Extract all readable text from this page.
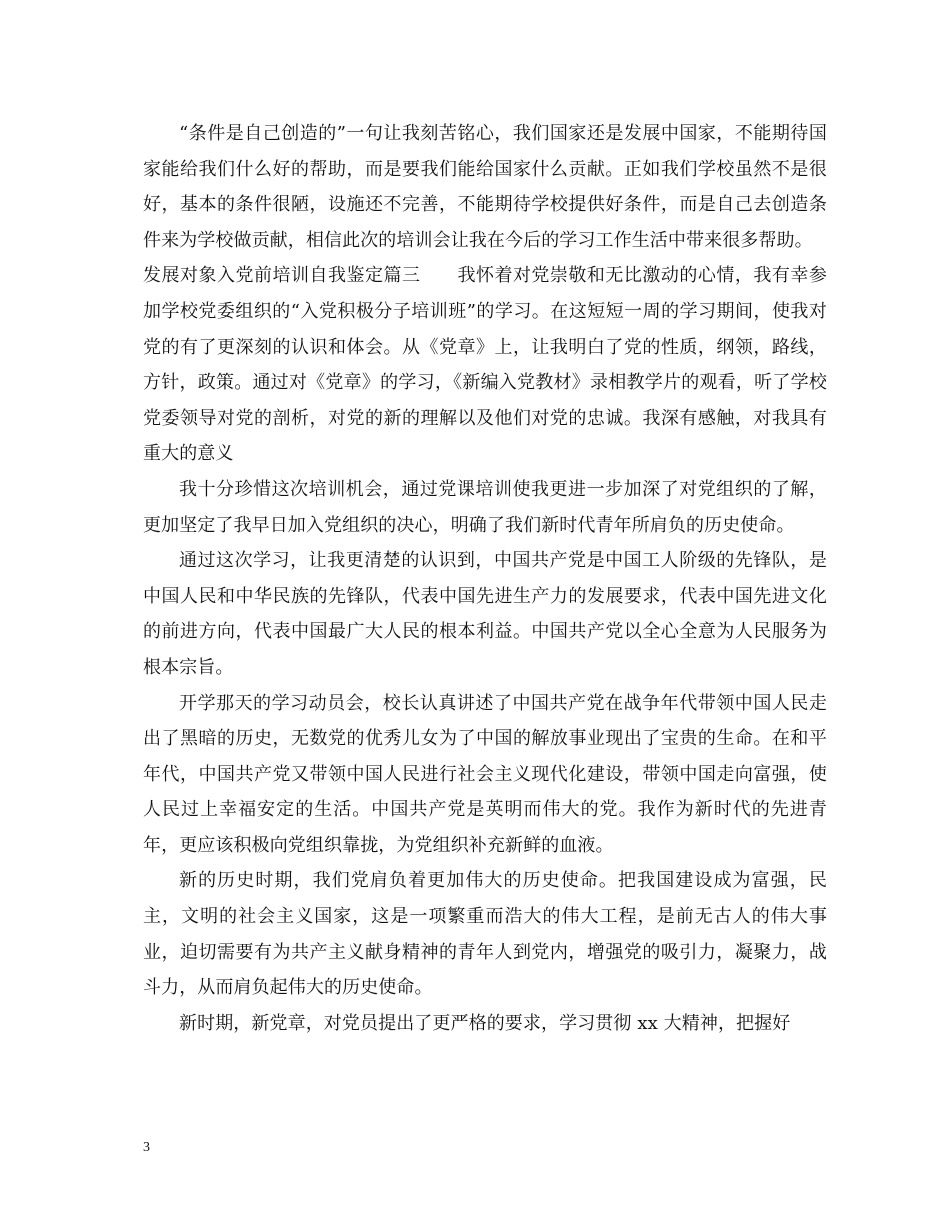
“条件是自己创造的”一句让我刻苦铭心，我们国家还是发展中国家，不能期待国家能给我们什么好的帮助，而是要我们能给国家什么贡献。正如我们学校虽然不是很好，基本的条件很陋，设施还不完善，不能期待学校提供好条件，而是自己去创造条件来为学校做贡献，相信此次的培训会让我在今后的学习工作生活中带来很多帮助。

发展对象入党前培训自我鉴定篇三　　我怀着对党崇敬和无比激动的心情，我有幸参加学校党委组织的“入党积极分子培训班”的学习。在这短短一周的学习期间，使我对党的有了更深刻的认识和体会。从《党章》上，让我明白了党的性质，纲领，路线，方针，政策。通过对《党章》的学习，《新编入党教材》录相教学片的观看，听了学校党委领导对党的剖析，对党的新的理解以及他们对党的忠诚。我深有感触，对我具有重大的意义

我十分珍惜这次培训机会，通过党课培训使我更进一步加深了对党组织的了解，更加坚定了我早日加入党组织的决心，明确了我们新时代青年所肩负的历史使命。

通过这次学习，让我更清楚的认识到，中国共产党是中国工人阶级的先锋队，是中国人民和中华民族的先锋队，代表中国先进生产力的发展要求，代表中国先进文化的前进方向，代表中国最广大人民的根本利益。中国共产党以全心全意为人民服务为根本宗旨。

开学那天的学习动员会，校长认真讲述了中国共产党在战争年代带领中国人民走出了黑暗的历史，无数党的优秀儿女为了中国的解放事业现出了宝贵的生命。在和平年代，中国共产党又带领中国人民进行社会主义现代化建设，带领中国走向富强，使人民过上幸福安定的生活。中国共产党是英明而伟大的党。我作为新时代的先进青年，更应该积极向党组织靠拢，为党组织补充新鲜的血液。

新的历史时期，我们党肩负着更加伟大的历史使命。把我国建设成为富强，民主，文明的社会主义国家，这是一项繁重而浩大的伟大工程，是前无古人的伟大事业，迫切需要有为共产主义献身精神的青年人到党内，增强党的吸引力，凝聚力，战斗力，从而肩负起伟大的历史使命。

新时期，新党章，对党员提出了更严格的要求，学习贯彻 xx 大精神，把握好

3
